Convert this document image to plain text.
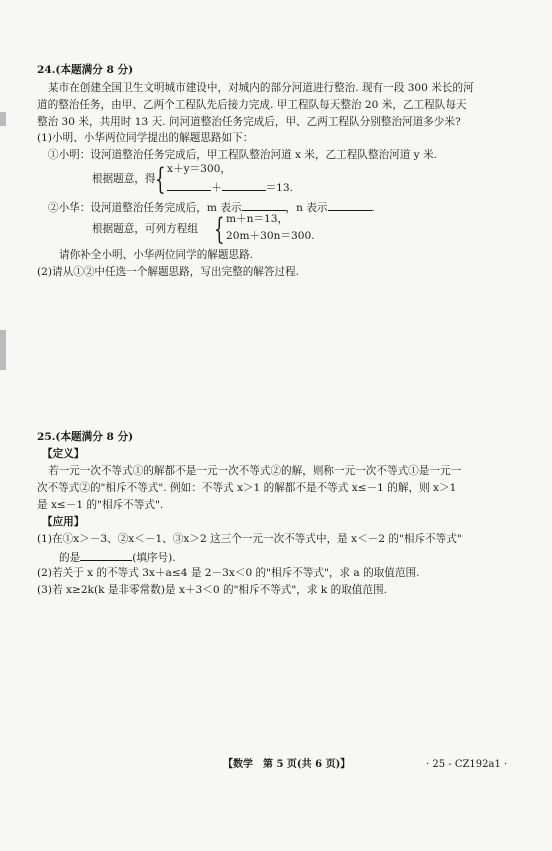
24.(本题满分 8 分)
某市在创建全国卫生文明城市建设中，对城内的部分河道进行整治. 现有一段 300 米长的河
道的整治任务，由甲、乙两个工程队先后接力完成. 甲工程队每天整治 20 米，乙工程队每天
整治 30 米，共用时 13 天. 问河道整治任务完成后，甲、乙两工程队分别整治河道多少米?
(1)小明、小华两位同学提出的解题思路如下：
①小明：设河道整治任务完成后，甲工程队整治河道 x 米，乙工程队整治河道 y 米.
根据题意，得 { x＋y＝300，
＋	＝13.
②小华：设河道整治任务完成后，m 表示	，n 表示	.
根据题意，可列方程组 { m＋n＝13，
20m＋30n＝300.
请你补全小明、小华两位同学的解题思路.
(2)请从①②中任选一个解题思路，写出完整的解答过程.
25.(本题满分 8 分)
【定义】
若一元一次不等式①的解都不是一元一次不等式②的解，则称一元一次不等式①是一元一
次不等式②的"相斥不等式". 例如：不等式 x＞1 的解都不是不等式 x≤－1 的解，则 x＞1
是 x≤－1 的"相斥不等式".
【应用】
(1)在①x＞－3、②x＜－1、③x＞2 这三个一元一次不等式中，是 x＜－2 的"相斥不等式"
的是	(填序号).
(2)若关于 x 的不等式 3x＋a≤4 是 2－3x＜0 的"相斥不等式"，求 a 的取值范围.
(3)若 x≥2k(k 是非零常数)是 x＋3＜0 的"相斥不等式"，求 k 的取值范围.
【数学　第 5 页(共 6 页)】	· 25 - CZ192a1 ·
